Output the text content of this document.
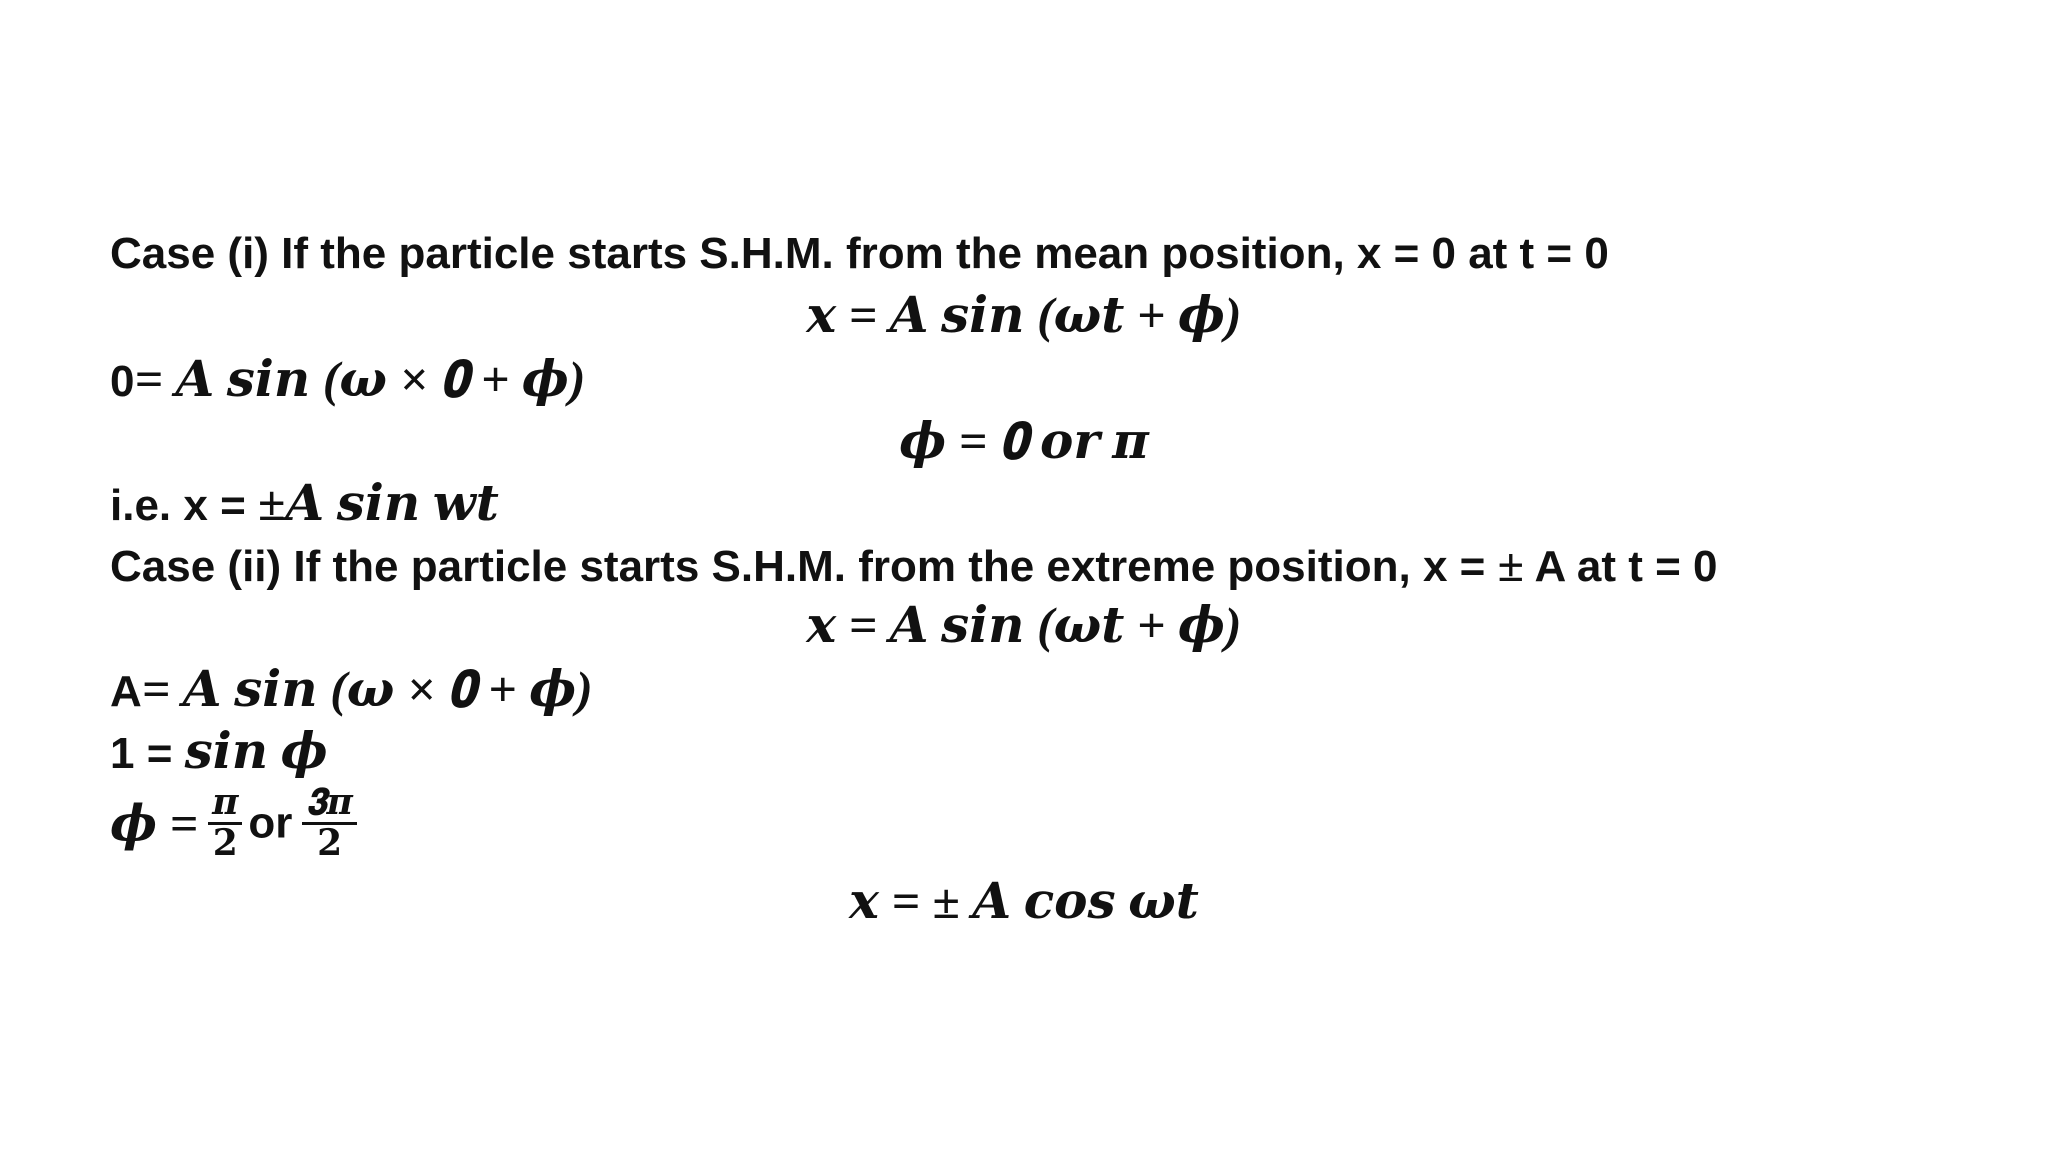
Case (i) If the particle starts S.H.M. from the mean position, x = 0 at t = 0
𝒙 = 𝑨 𝒔𝒊𝒏 (𝝎𝒕 + 𝝓)
0= 𝑨 𝒔𝒊𝒏 (𝝎 × 𝟎 + 𝝓)
𝝓 = 𝟎 𝒐𝒓 𝝅
i.e. x = ±𝑨 𝒔𝒊𝒏 𝒘𝒕
Case (ii) If the particle starts S.H.M. from the extreme position, x = ± A at t = 0
𝒙 = 𝑨 𝒔𝒊𝒏 (𝝎𝒕 + 𝝓)
A= 𝑨 𝒔𝒊𝒏 (𝝎 × 𝟎 + 𝝓)
1 = 𝒔𝒊𝒏 𝝓
𝝓 = $\frac{\text{𝝅}}{𝟐}$ or $\frac{\text{𝟑𝝅}}{𝟐}$
𝒙 = ± 𝑨 𝒄𝒐𝒔 𝝎𝒕
